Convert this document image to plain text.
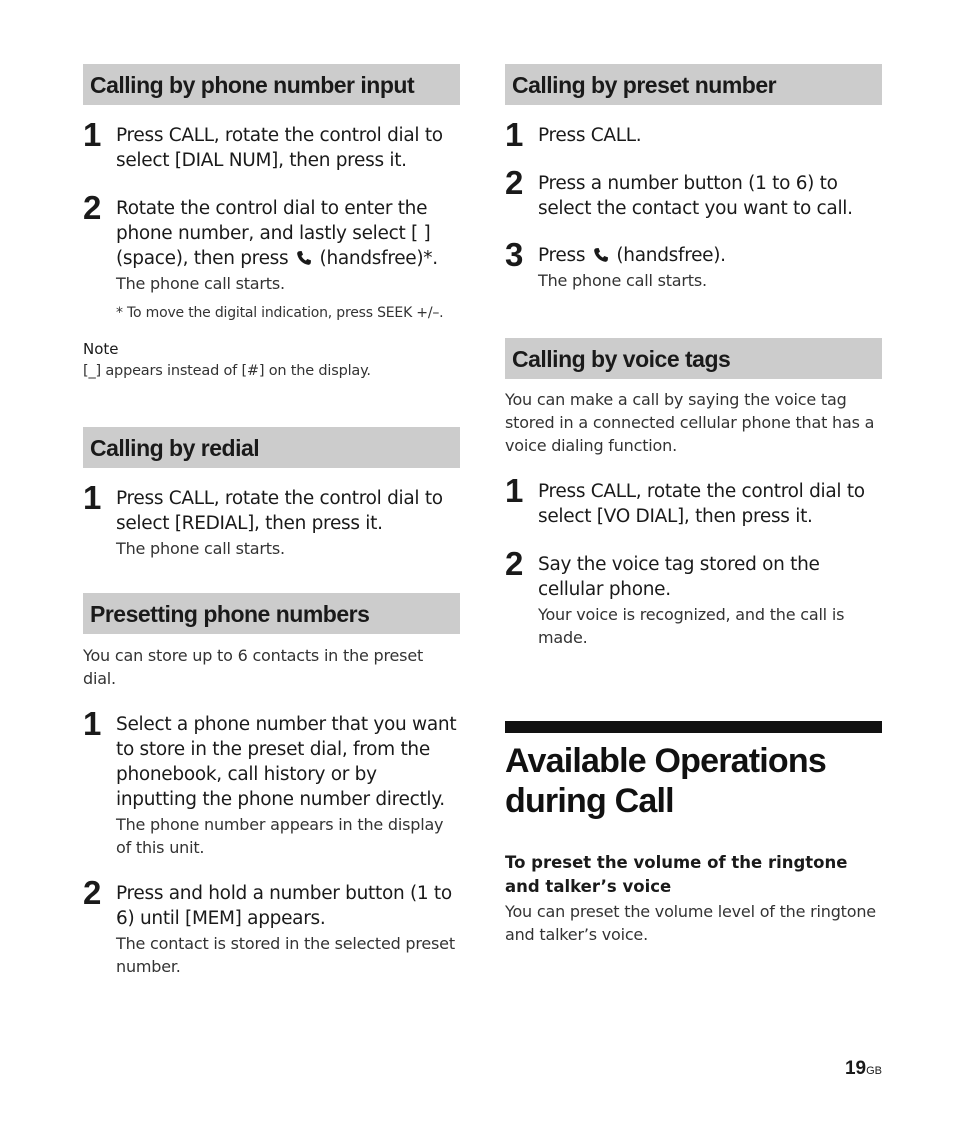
Calling by phone number input
1 Press CALL, rotate the control dial to select [DIAL NUM], then press it.
2 Rotate the control dial to enter the phone number, and lastly select [ ] (space), then press (handsfree)*.
The phone call starts.
* To move the digital indication, press SEEK +/–.
Note
[_] appears instead of [#] on the display.
Calling by redial
1 Press CALL, rotate the control dial to select [REDIAL], then press it.
The phone call starts.
Presetting phone numbers
You can store up to 6 contacts in the preset dial.
1 Select a phone number that you want to store in the preset dial, from the phonebook, call history or by inputting the phone number directly.
The phone number appears in the display of this unit.
2 Press and hold a number button (1 to 6) until [MEM] appears.
The contact is stored in the selected preset number.
Calling by preset number
1 Press CALL.
2 Press a number button (1 to 6) to select the contact you want to call.
3 Press (handsfree).
The phone call starts.
Calling by voice tags
You can make a call by saying the voice tag stored in a connected cellular phone that has a voice dialing function.
1 Press CALL, rotate the control dial to select [VO DIAL], then press it.
2 Say the voice tag stored on the cellular phone.
Your voice is recognized, and the call is made.
Available Operations during Call
To preset the volume of the ringtone and talker’s voice
You can preset the volume level of the ringtone and talker’s voice.
19GB
